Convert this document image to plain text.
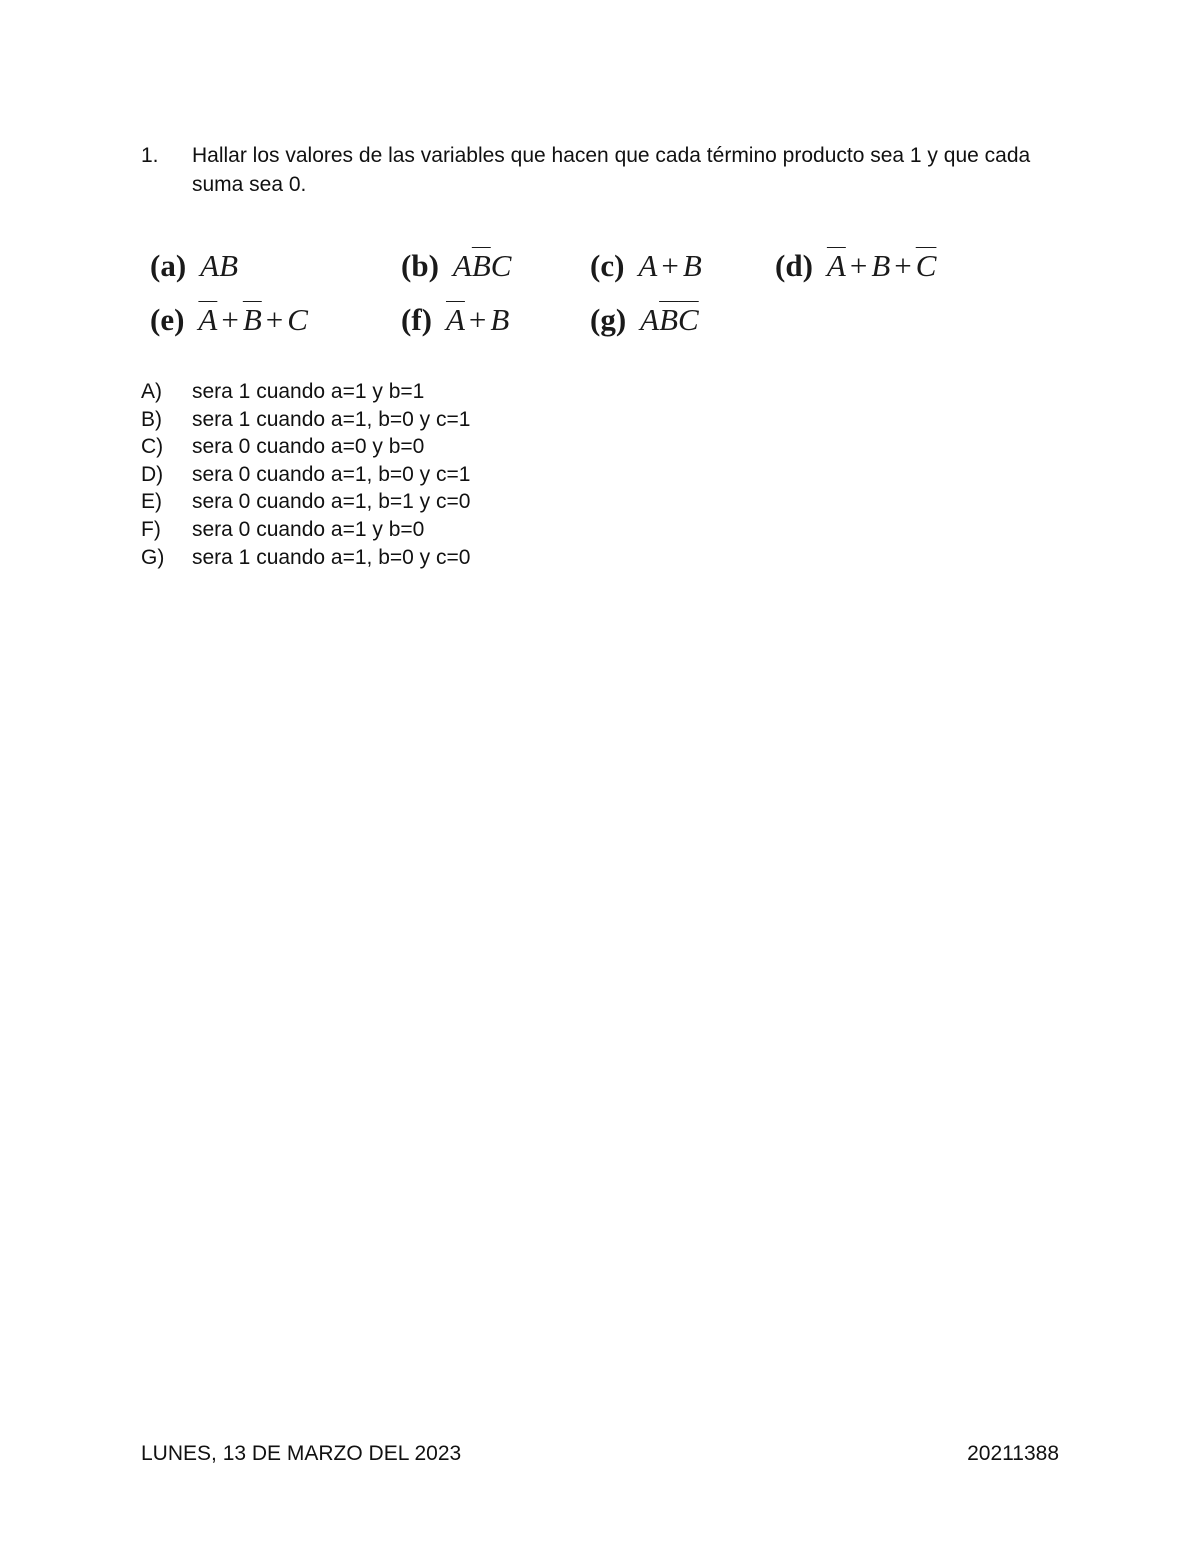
1. Hallar los valores de las variables que hacen que cada término producto sea 1 y que cada suma sea 0.
(a) AB	(b) $A\overline{B}C$	(c) A + B (d) $\overline{A} + B + \overline{C}$
(e) $\overline{A} + \overline{B} + C$	(f) $\overline{A} + B$	(g) $A\overline{B}\overline{C}$
A) sera 1 cuando a=1 y b=1
B) sera 1 cuando a=1, b=0 y c=1
C) sera 0 cuando a=0 y b=0
D) sera 0 cuando a=1, b=0 y c=1
E) sera 0 cuando a=1, b=1 y c=0
F) sera 0 cuando a=1 y b=0
G) sera 1 cuando a=1, b=0 y c=0
LUNES, 13 DE MARZO DEL 2023	20211388
